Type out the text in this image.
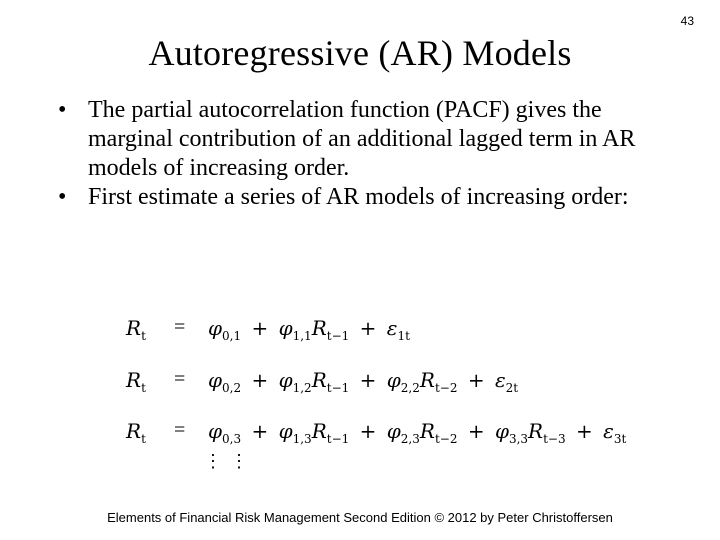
43
Autoregressive (AR) Models
• The partial autocorrelation function (PACF) gives the marginal contribution of an additional lagged term in AR models of increasing order.
• First estimate a series of AR models of increasing order:
$R_t = \varphi_{0,1} + \varphi_{1,1}R_{t-1} + \varepsilon_{1t}$
$R_t = \varphi_{0,2} + \varphi_{1,2}R_{t-1} + \varphi_{2,2}R_{t-2} + \varepsilon_{2t}$
$R_t = \varphi_{0,3} + \varphi_{1,3}R_{t-1} + \varphi_{2,3}R_{t-2} + \varphi_{3,3}R_{t-3} + \varepsilon_{3t}$
⋮⋮
Elements of Financial Risk Management Second Edition © 2012 by Peter Christoffersen
